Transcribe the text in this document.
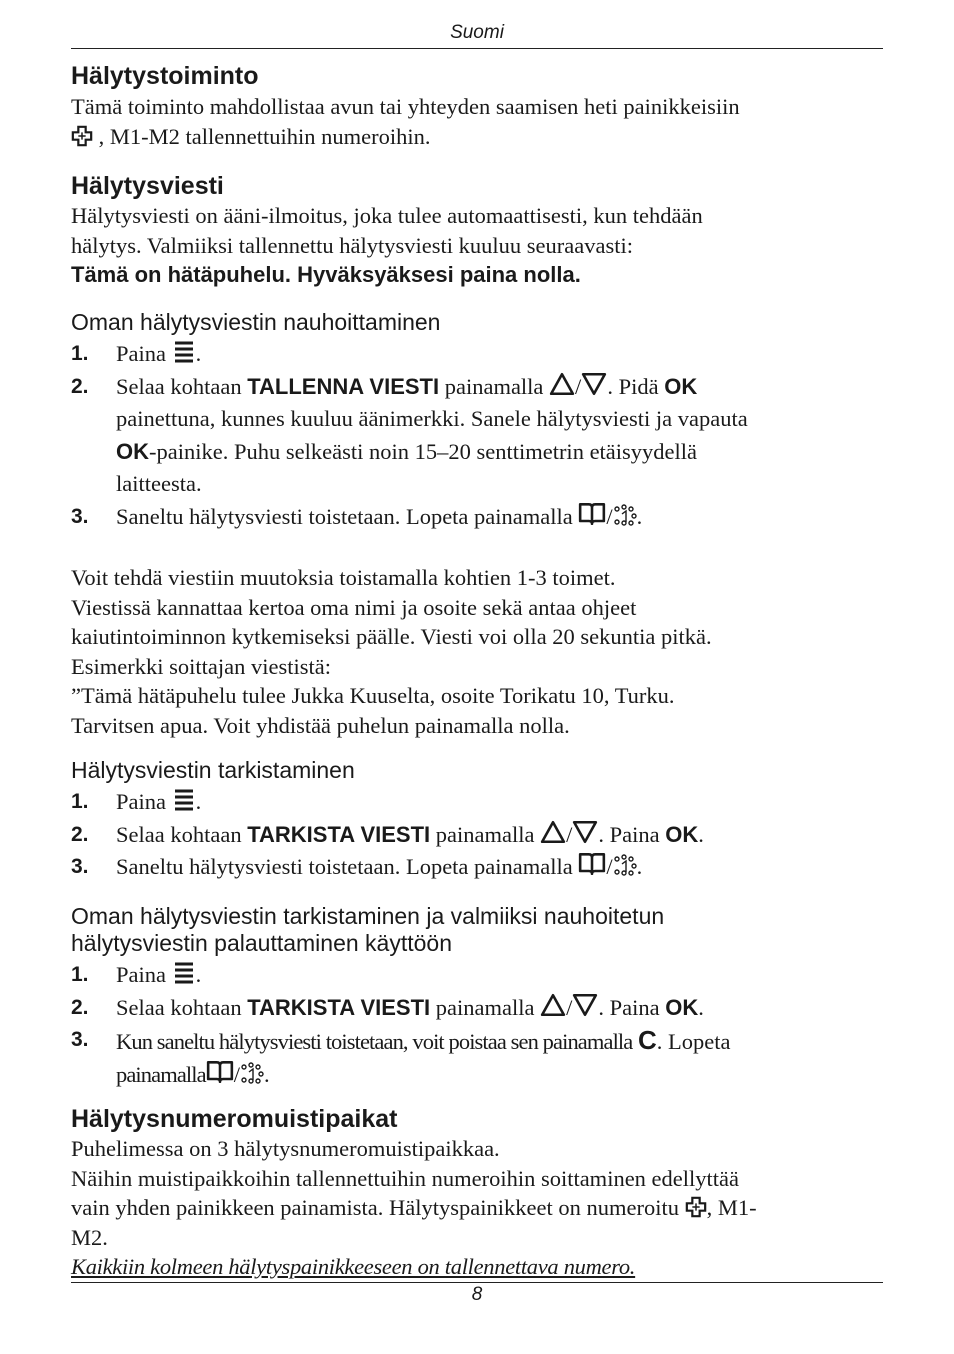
Suomi
Hälytystoiminto

Tämä toiminto mahdollistaa avun tai yhteyden saamisen heti painikkeisiin
, M1-M2 tallennettuihin numeroihin.

Hälytysviesti

Hälytysviesti on ääni-ilmoitus, joka tulee automaattisesti, kun tehdään
hälytys. Valmiiksi tallennettu hälytysviesti kuuluu seuraavasti:

Tämä on hätäpuhelu. Hyväksyäksesi paina nolla.
Oman hälytysviestin nauhoittaminen
1. Paina .
2. Selaa kohtaan TALLENNA VIESTI painamalla / . Pidä OK
painettuna, kunnes kuuluu äänimerkki. Sanele hälytysviesti ja vapauta
OK-painike. Puhu selkeästi noin 15–20 senttimetrin etäisyydellä
laitteesta.
3. Saneltu hälytysviesti toistetaan. Lopeta painamalla / .

Voit tehdä viestiin muutoksia toistamalla kohtien 1-3 toimet.
Viestissä kannattaa kertoa oma nimi ja osoite sekä antaa ohjeet
kaiutintoiminnon kytkemiseksi päälle. Viesti voi olla 20 sekuntia pitkä.
Esimerkki soittajan viestistä:
”Tämä hätäpuhelu tulee Jukka Kuuselta, osoite Torikatu 10, Turku.
Tarvitsen apua. Voit yhdistää puhelun painamalla nolla.

Hälytysviestin tarkistaminen
1. Paina .
2. Selaa kohtaan TARKISTA VIESTI painamalla / . Paina OK.
3. Saneltu hälytysviesti toistetaan. Lopeta painamalla / .
Oman hälytysviestin tarkistaminen ja valmiiksi nauhoitetun
hälytysviestin palauttaminen käyttöön
1. Paina .
2. Selaa kohtaan TARKISTA VIESTI painamalla / . Paina OK.
3. Kun saneltu hälytysviesti toistetaan, voit poistaa sen painamalla C. Lopeta
painamalla / .
Hälytysnumeromuistipaikat

Puhelimessa on 3 hälytysnumeromuistipaikkaa.
Näihin muistipaikkoihin tallennettuihin numeroihin soittaminen edellyttää
vain yhden painikkeen painamista. Hälytyspainikkeet on numeroitu , M1-
M2.
Kaikkiin kolmeen hälytyspainikkeeseen on tallennettava numero.

8
